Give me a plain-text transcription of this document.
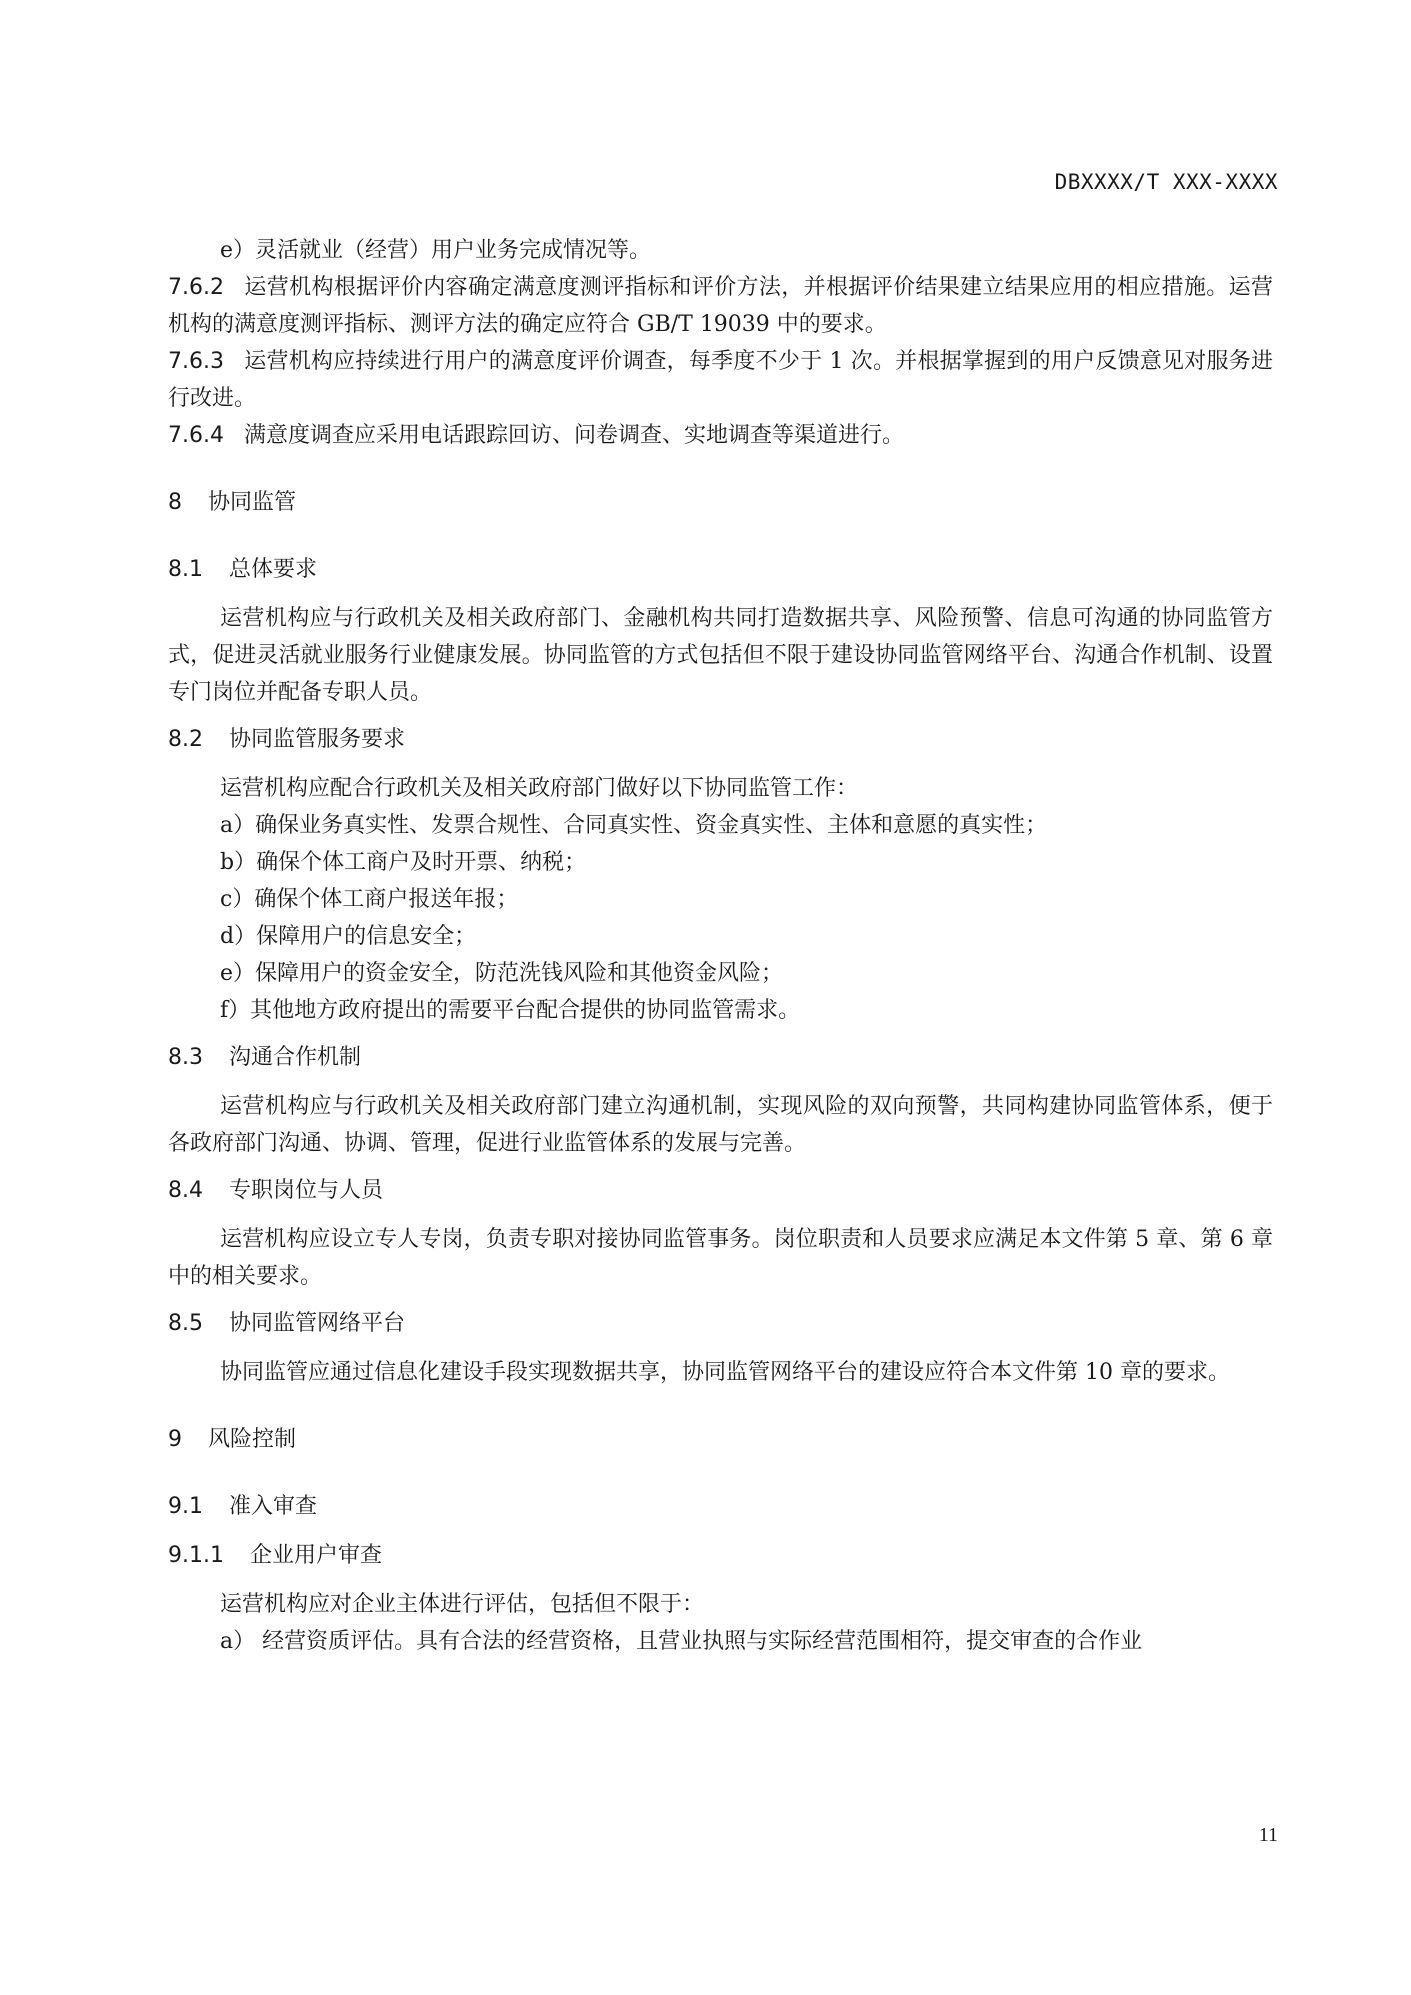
DBXXXX/T XXX-XXXX

e）灵活就业（经营）用户业务完成情况等。

7.6.2 运营机构根据评价内容确定满意度测评指标和评价方法，并根据评价结果建立结果应用的相应措施。运营机构的满意度测评指标、测评方法的确定应符合 GB/T 19039 中的要求。

7.6.3 运营机构应持续进行用户的满意度评价调查，每季度不少于 1 次。并根据掌握到的用户反馈意见对服务进行改进。

7.6.4 满意度调查应采用电话跟踪回访、问卷调查、实地调查等渠道进行。

8 协同监管

8.1 总体要求

运营机构应与行政机关及相关政府部门、金融机构共同打造数据共享、风险预警、信息可沟通的协同监管方式，促进灵活就业服务行业健康发展。协同监管的方式包括但不限于建设协同监管网络平台、沟通合作机制、设置专门岗位并配备专职人员。

8.2 协同监管服务要求

运营机构应配合行政机关及相关政府部门做好以下协同监管工作：

a）确保业务真实性、发票合规性、合同真实性、资金真实性、主体和意愿的真实性；

b）确保个体工商户及时开票、纳税；

c）确保个体工商户报送年报；

d）保障用户的信息安全；

e）保障用户的资金安全，防范洗钱风险和其他资金风险；

f）其他地方政府提出的需要平台配合提供的协同监管需求。

8.3 沟通合作机制

运营机构应与行政机关及相关政府部门建立沟通机制，实现风险的双向预警，共同构建协同监管体系，便于各政府部门沟通、协调、管理，促进行业监管体系的发展与完善。

8.4 专职岗位与人员

运营机构应设立专人专岗，负责专职对接协同监管事务。岗位职责和人员要求应满足本文件第 5 章、第 6 章中的相关要求。

8.5 协同监管网络平台

协同监管应通过信息化建设手段实现数据共享，协同监管网络平台的建设应符合本文件第 10 章的要求。

9 风险控制

9.1 准入审查

9.1.1 企业用户审查

运营机构应对企业主体进行评估，包括但不限于：

a） 经营资质评估。具有合法的经营资格，且营业执照与实际经营范围相符，提交审查的合作业

11
